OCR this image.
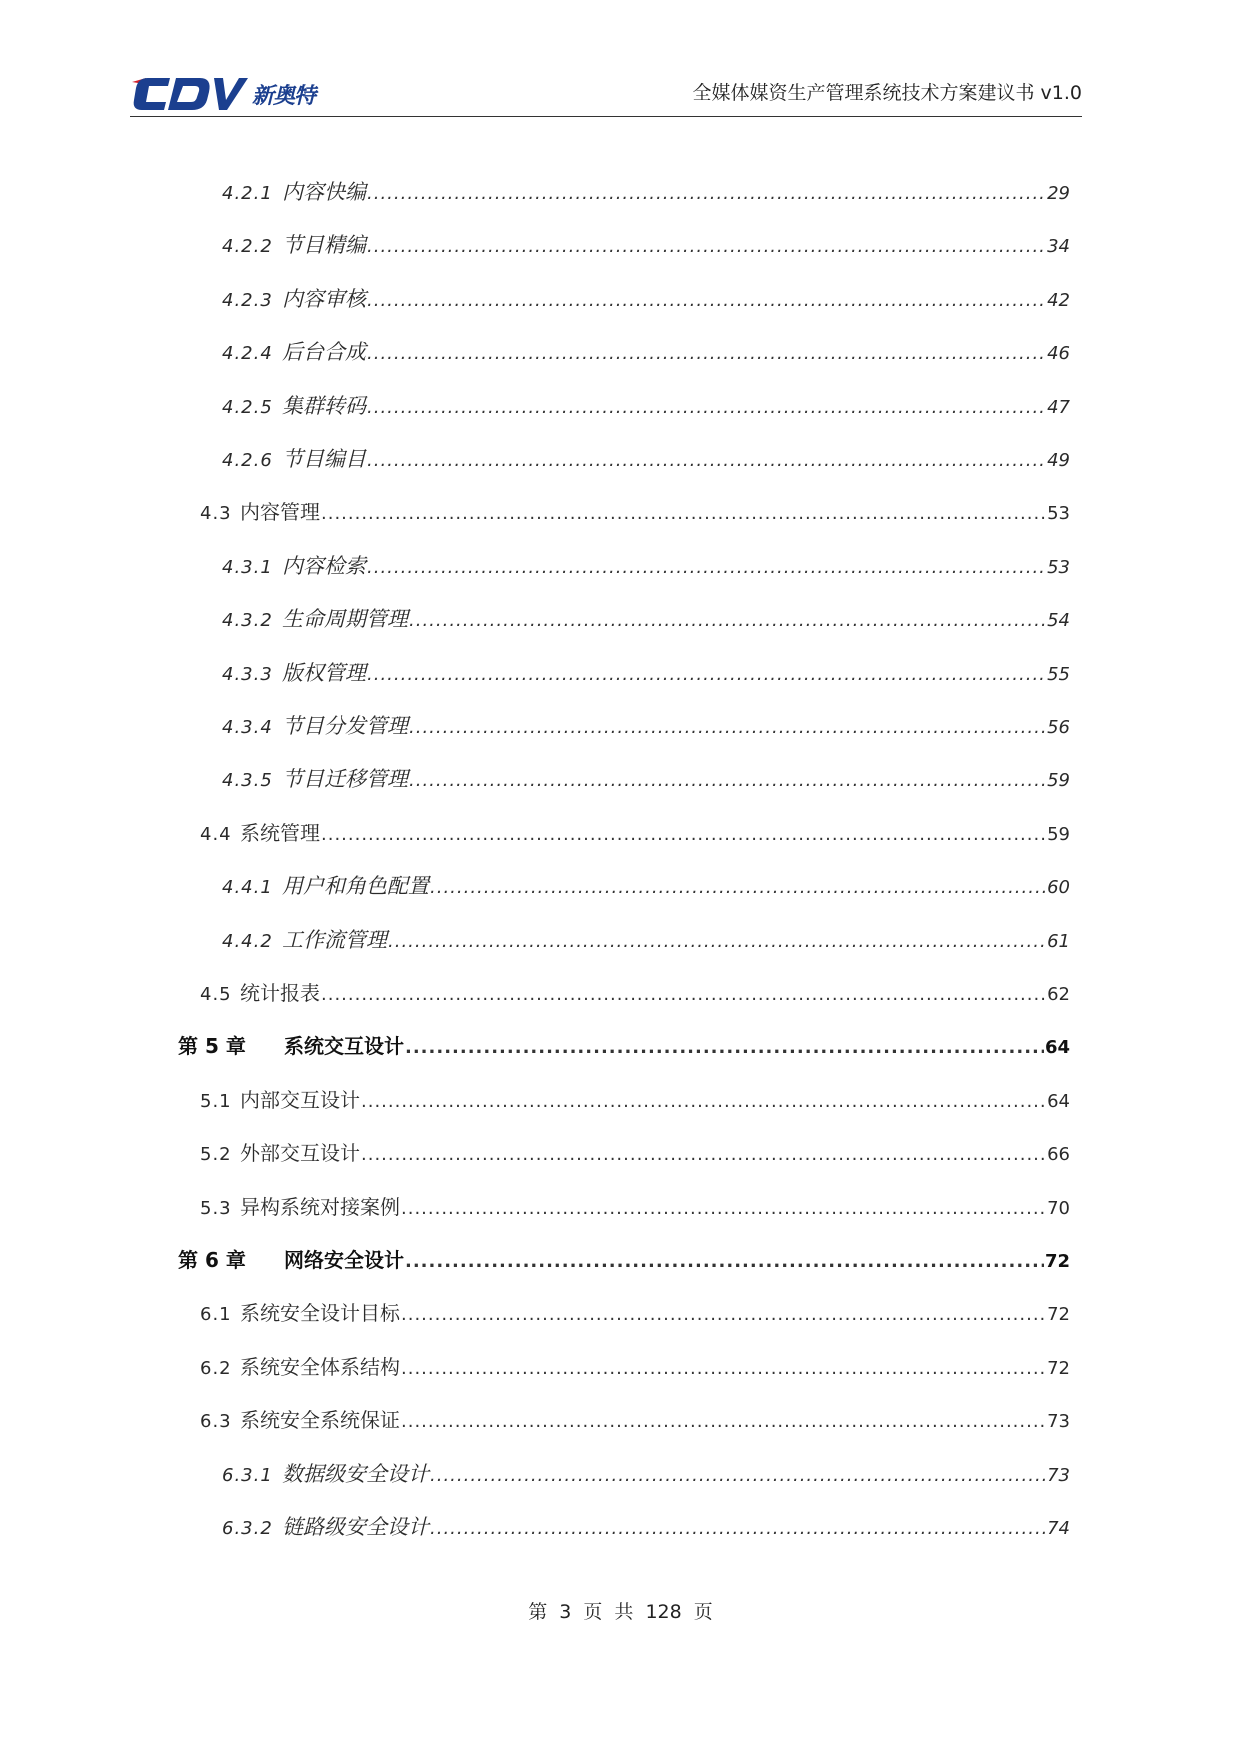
新奥特	全媒体媒资生产管理系统技术方案建议书 v1.0
4.2.1 内容快编 .....	29
4.2.2 节目精编 .....	34
4.2.3 内容审核 .....	42
4.2.4 后台合成 .....	46
4.2.5 集群转码 .....	47
4.2.6 节目编目 .....	49
4.3 内容管理 .....	53
4.3.1 内容检索 .....	53
4.3.2 生命周期管理 .....	54
4.3.3 版权管理 .....	55
4.3.4 节目分发管理 .....	56
4.3.5 节目迁移管理 .....	59
4.4 系统管理 .....	59
4.4.1 用户和角色配置 .....	60
4.4.2 工作流管理 .....	61
4.5 统计报表 .....	62
第 5 章	系统交互设计 .....	64
5.1 内部交互设计 .....	64
5.2 外部交互设计 .....	66
5.3 异构系统对接案例 .....	70
第 6 章	网络安全设计 .....	72
6.1 系统安全设计目标 .....	72
6.2 系统安全体系结构 .....	72
6.3 系统安全系统保证 .....	73
6.3.1 数据级安全设计 .....	73
6.3.2 链路级安全设计 .....	74
第 3 页 共 128 页
